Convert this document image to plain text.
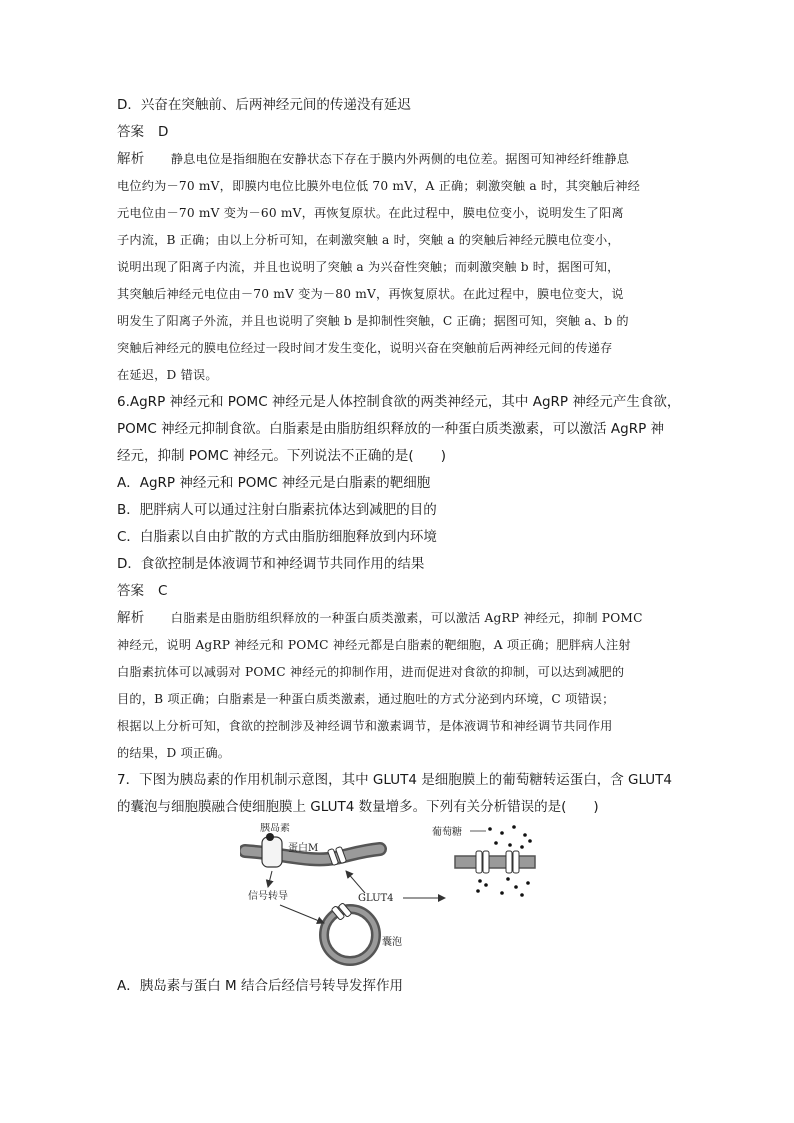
D．兴奋在突触前、后两神经元间的传递没有延迟
答案 D
解析　 静息电位是指细胞在安静状态下存在于膜内外两侧的电位差。据图可知神经纤维静息
电位约为－70 mV，即膜内电位比膜外电位低 70 mV，A 正确；刺激突触 a 时，其突触后神经
元电位由－70 mV 变为－60 mV，再恢复原状。在此过程中，膜电位变小，说明发生了阳离
子内流，B 正确；由以上分析可知，在刺激突触 a 时，突触 a 的突触后神经元膜电位变小，
说明出现了阳离子内流，并且也说明了突触 a 为兴奋性突触；而刺激突触 b 时，据图可知，
其突触后神经元电位由－70 mV 变为－80 mV，再恢复原状。在此过程中，膜电位变大，说
明发生了阳离子外流，并且也说明了突触 b 是抑制性突触，C 正确；据图可知，突触 a、b 的
突触后神经元的膜电位经过一段时间才发生变化，说明兴奋在突触前后两神经元间的传递存
在延迟，D 错误。
6.AgRP 神经元和 POMC 神经元是人体控制食欲的两类神经元，其中 AgRP 神经元产生食欲，
POMC 神经元抑制食欲。白脂素是由脂肪组织释放的一种蛋白质类激素，可以激活 AgRP 神
经元，抑制 POMC 神经元。下列说法不正确的是(　　)
A．AgRP 神经元和 POMC 神经元是白脂素的靶细胞
B．肥胖病人可以通过注射白脂素抗体达到减肥的目的
C．白脂素以自由扩散的方式由脂肪细胞释放到内环境
D．食欲控制是体液调节和神经调节共同作用的结果
答案 C
解析　 白脂素是由脂肪组织释放的一种蛋白质类激素，可以激活 AgRP 神经元，抑制 POMC
神经元，说明 AgRP 神经元和 POMC 神经元都是白脂素的靶细胞，A 项正确；肥胖病人注射
白脂素抗体可以减弱对 POMC 神经元的抑制作用，进而促进对食欲的抑制，可以达到减肥的
目的，B 项正确；白脂素是一种蛋白质类激素，通过胞吐的方式分泌到内环境，C 项错误；
根据以上分析可知，食欲的控制涉及神经调节和激素调节，是体液调节和神经调节共同作用
的结果，D 项正确。
7．下图为胰岛素的作用机制示意图，其中 GLUT4 是细胞膜上的葡萄糖转运蛋白，含 GLUT4
的囊泡与细胞膜融合使细胞膜上 GLUT4 数量增多。下列有关分析错误的是(　　)
胰岛素
蛋白M
信号转导	GLUT4
囊泡
葡萄糖
A．胰岛素与蛋白 M 结合后经信号转导发挥作用
